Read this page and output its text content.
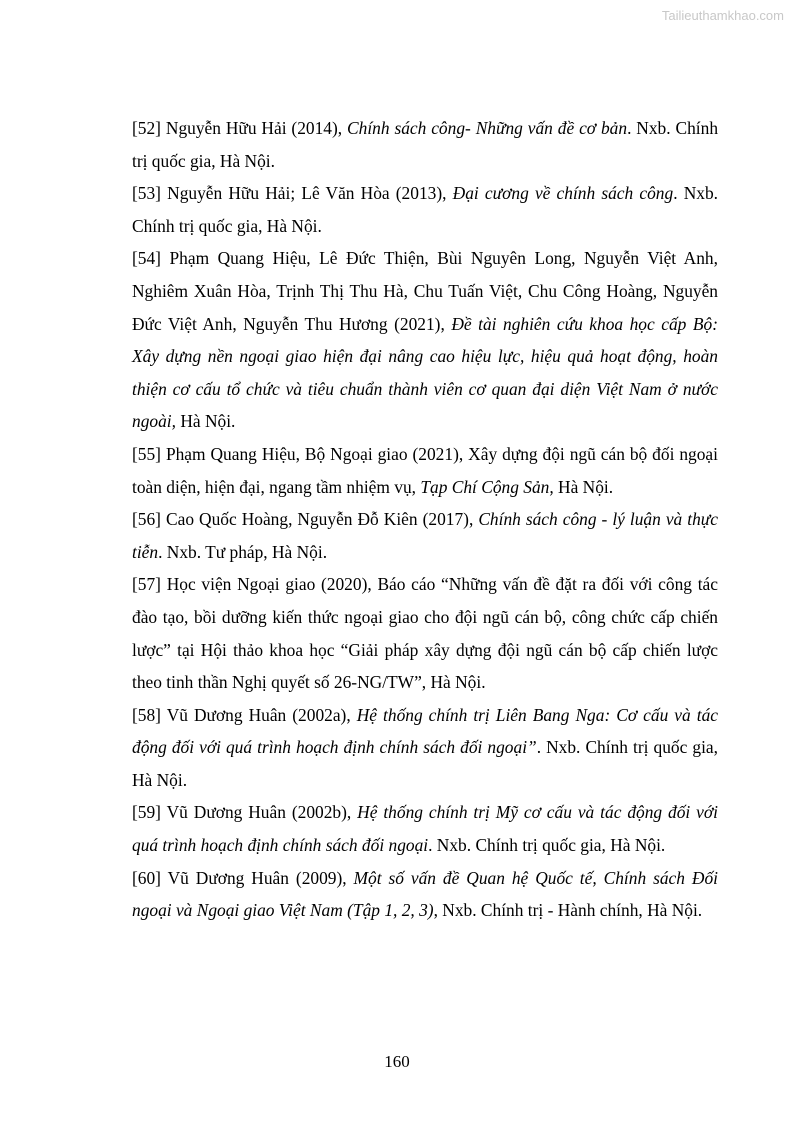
Tailieuthamkhao.com

[52] Nguyễn Hữu Hải (2014), Chính sách công- Những vấn đề cơ bản. Nxb. Chính trị quốc gia, Hà Nội.

[53] Nguyễn Hữu Hải; Lê Văn Hòa (2013), Đại cương về chính sách công. Nxb. Chính trị quốc gia, Hà Nội.

[54] Phạm Quang Hiệu, Lê Đức Thiện, Bùi Nguyên Long, Nguyễn Việt Anh, Nghiêm Xuân Hòa, Trịnh Thị Thu Hà, Chu Tuấn Việt, Chu Công Hoàng, Nguyễn Đức Việt Anh, Nguyễn Thu Hương (2021), Đề tài nghiên cứu khoa học cấp Bộ: Xây dựng nền ngoại giao hiện đại nâng cao hiệu lực, hiệu quả hoạt động, hoàn thiện cơ cấu tổ chức và tiêu chuẩn thành viên cơ quan đại diện Việt Nam ở nước ngoài, Hà Nội.

[55] Phạm Quang Hiệu, Bộ Ngoại giao (2021), Xây dựng đội ngũ cán bộ đối ngoại toàn diện, hiện đại, ngang tầm nhiệm vụ, Tạp Chí Cộng Sản, Hà Nội.

[56] Cao Quốc Hoàng, Nguyễn Đỗ Kiên (2017), Chính sách công - lý luận và thực tiễn. Nxb. Tư pháp, Hà Nội.

[57] Học viện Ngoại giao (2020), Báo cáo “Những vấn đề đặt ra đối với công tác đào tạo, bồi dưỡng kiến thức ngoại giao cho đội ngũ cán bộ, công chức cấp chiến lược” tại Hội thảo khoa học “Giải pháp xây dựng đội ngũ cán bộ cấp chiến lược theo tinh thần Nghị quyết số 26-NG/TW”, Hà Nội.

[58] Vũ Dương Huân (2002a), Hệ thống chính trị Liên Bang Nga: Cơ cấu và tác động đối với quá trình hoạch định chính sách đối ngoại”. Nxb. Chính trị quốc gia, Hà Nội.

[59] Vũ Dương Huân (2002b), Hệ thống chính trị Mỹ cơ cấu và tác động đối với quá trình hoạch định chính sách đối ngoại. Nxb. Chính trị quốc gia, Hà Nội.

[60] Vũ Dương Huân (2009), Một số vấn đề Quan hệ Quốc tế, Chính sách Đối ngoại và Ngoại giao Việt Nam (Tập 1, 2, 3), Nxb. Chính trị - Hành chính, Hà Nội.

160
